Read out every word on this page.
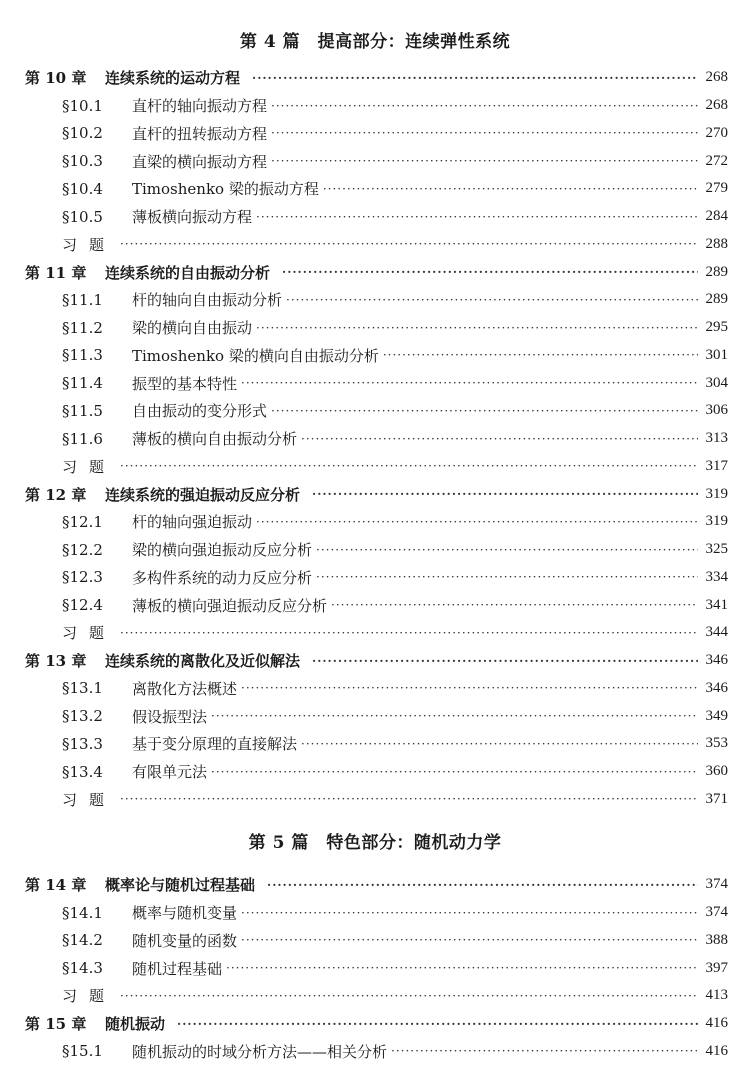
第 4 篇　提高部分：连续弹性系统
第 10 章	连续系统的运动方程 ·····	268
§10.1	直杆的轴向振动方程 ·····	268
§10.2	直杆的扭转振动方程 ·····	270
§10.3	直梁的横向振动方程 ·····	272
§10.4	Timoshenko 梁的振动方程 ·····	279
§10.5	薄板横向振动方程 ·····	284
习题 ·····	288
第 11 章	连续系统的自由振动分析 ·····	289
§11.1	杆的轴向自由振动分析 ·····	289
§11.2	梁的横向自由振动 ·····	295
§11.3	Timoshenko 梁的横向自由振动分析 ·····	301
§11.4	振型的基本特性 ·····	304
§11.5	自由振动的变分形式 ·····	306
§11.6	薄板的横向自由振动分析 ·····	313
习题 ·····	317
第 12 章	连续系统的强迫振动反应分析 ·····	319
§12.1	杆的轴向强迫振动 ·····	319
§12.2	梁的横向强迫振动反应分析 ·····	325
§12.3	多构件系统的动力反应分析 ·····	334
§12.4	薄板的横向强迫振动反应分析 ·····	341
习题 ·····	344
第 13 章	连续系统的离散化及近似解法 ·····	346
§13.1	离散化方法概述 ·····	346
§13.2	假设振型法 ·····	349
§13.3	基于变分原理的直接解法 ·····	353
§13.4	有限单元法 ·····	360
习题 ·····	371
第 5 篇　特色部分：随机动力学
第 14 章	概率论与随机过程基础 ·····	374
§14.1	概率与随机变量 ·····	374
§14.2	随机变量的函数 ·····	388
§14.3	随机过程基础 ·····	397
习题 ·····	413
第 15 章	随机振动 ·····	416
§15.1	随机振动的时域分析方法——相关分析 ·····	416
